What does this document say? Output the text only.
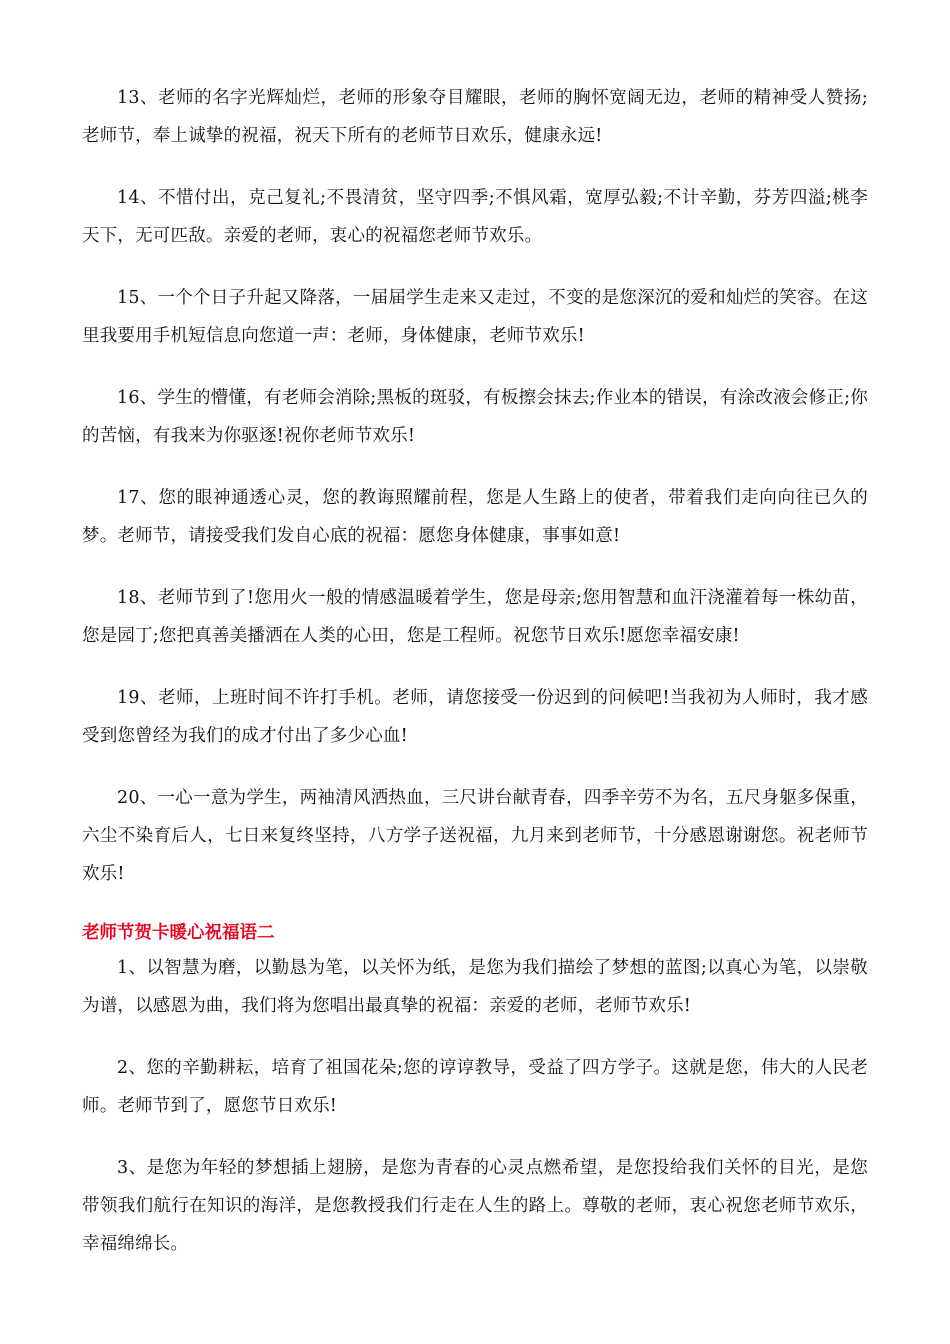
13、老师的名字光辉灿烂，老师的形象夺目耀眼，老师的胸怀宽阔无边，老师的精神受人赞扬;老师节，奉上诚挚的祝福，祝天下所有的老师节日欢乐，健康永远!

14、不惜付出，克己复礼;不畏清贫，坚守四季;不惧风霜，宽厚弘毅;不计辛勤，芬芳四溢;桃李天下，无可匹敌。亲爱的老师，衷心的祝福您老师节欢乐。

15、一个个日子升起又降落，一届届学生走来又走过，不变的是您深沉的爱和灿烂的笑容。在这里我要用手机短信息向您道一声：老师，身体健康，老师节欢乐!

16、学生的懵懂，有老师会消除;黑板的斑驳，有板擦会抹去;作业本的错误，有涂改液会修正;你的苦恼，有我来为你驱逐!祝你老师节欢乐!

17、您的眼神通透心灵，您的教诲照耀前程，您是人生路上的使者，带着我们走向向往已久的梦。老师节，请接受我们发自心底的祝福：愿您身体健康，事事如意!

18、老师节到了!您用火一般的情感温暖着学生，您是母亲;您用智慧和血汗浇灌着每一株幼苗，您是园丁;您把真善美播洒在人类的心田，您是工程师。祝您节日欢乐!愿您幸福安康!

19、老师，上班时间不许打手机。老师，请您接受一份迟到的问候吧!当我初为人师时，我才感受到您曾经为我们的成才付出了多少心血!

20、一心一意为学生，两袖清风洒热血，三尺讲台献青春，四季辛劳不为名，五尺身躯多保重，六尘不染育后人，七日来复终坚持，八方学子送祝福，九月来到老师节，十分感恩谢谢您。祝老师节欢乐!

老师节贺卡暖心祝福语二

1、以智慧为磨，以勤恳为笔，以关怀为纸，是您为我们描绘了梦想的蓝图;以真心为笔，以崇敬为谱，以感恩为曲，我们将为您唱出最真挚的祝福：亲爱的老师，老师节欢乐!

2、您的辛勤耕耘，培育了祖国花朵;您的谆谆教导，受益了四方学子。这就是您，伟大的人民老师。老师节到了，愿您节日欢乐!

3、是您为年轻的梦想插上翅膀，是您为青春的心灵点燃希望，是您投给我们关怀的目光，是您带领我们航行在知识的海洋，是您教授我们行走在人生的路上。尊敬的老师，衷心祝您老师节欢乐，幸福绵绵长。
